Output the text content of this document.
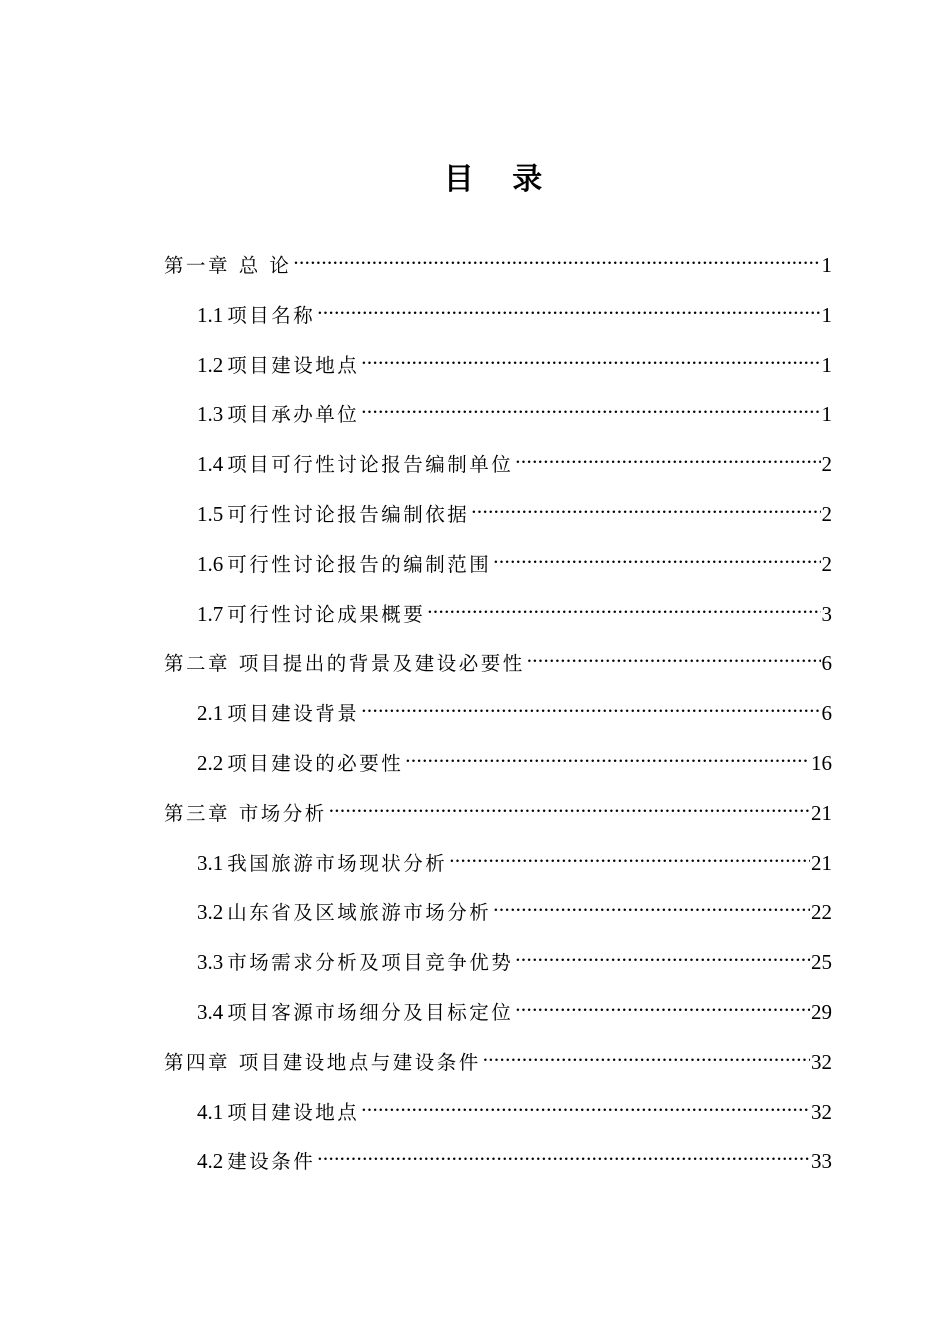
目 录
第一章 总 论 .....	1
1.1 项目名称 .....	1
1.2 项目建设地点 .....	1
1.3 项目承办单位 .....	1
1.4 项目可行性讨论报告编制单位 .....	2
1.5 可行性讨论报告编制依据 .....	2
1.6 可行性讨论报告的编制范围 .....	2
1.7 可行性讨论成果概要 .....	3
第二章 项目提出的背景及建设必要性 .....	6
2.1 项目建设背景 .....	6
2.2 项目建设的必要性 .....	16
第三章 市场分析 .....	21
3.1 我国旅游市场现状分析 .....	21
3.2 山东省及区域旅游市场分析 .....	22
3.3 市场需求分析及项目竞争优势 .....	25
3.4 项目客源市场细分及目标定位 .....	29
第四章 项目建设地点与建设条件 .....	32
4.1 项目建设地点 .....	32
4.2 建设条件 .....	33
